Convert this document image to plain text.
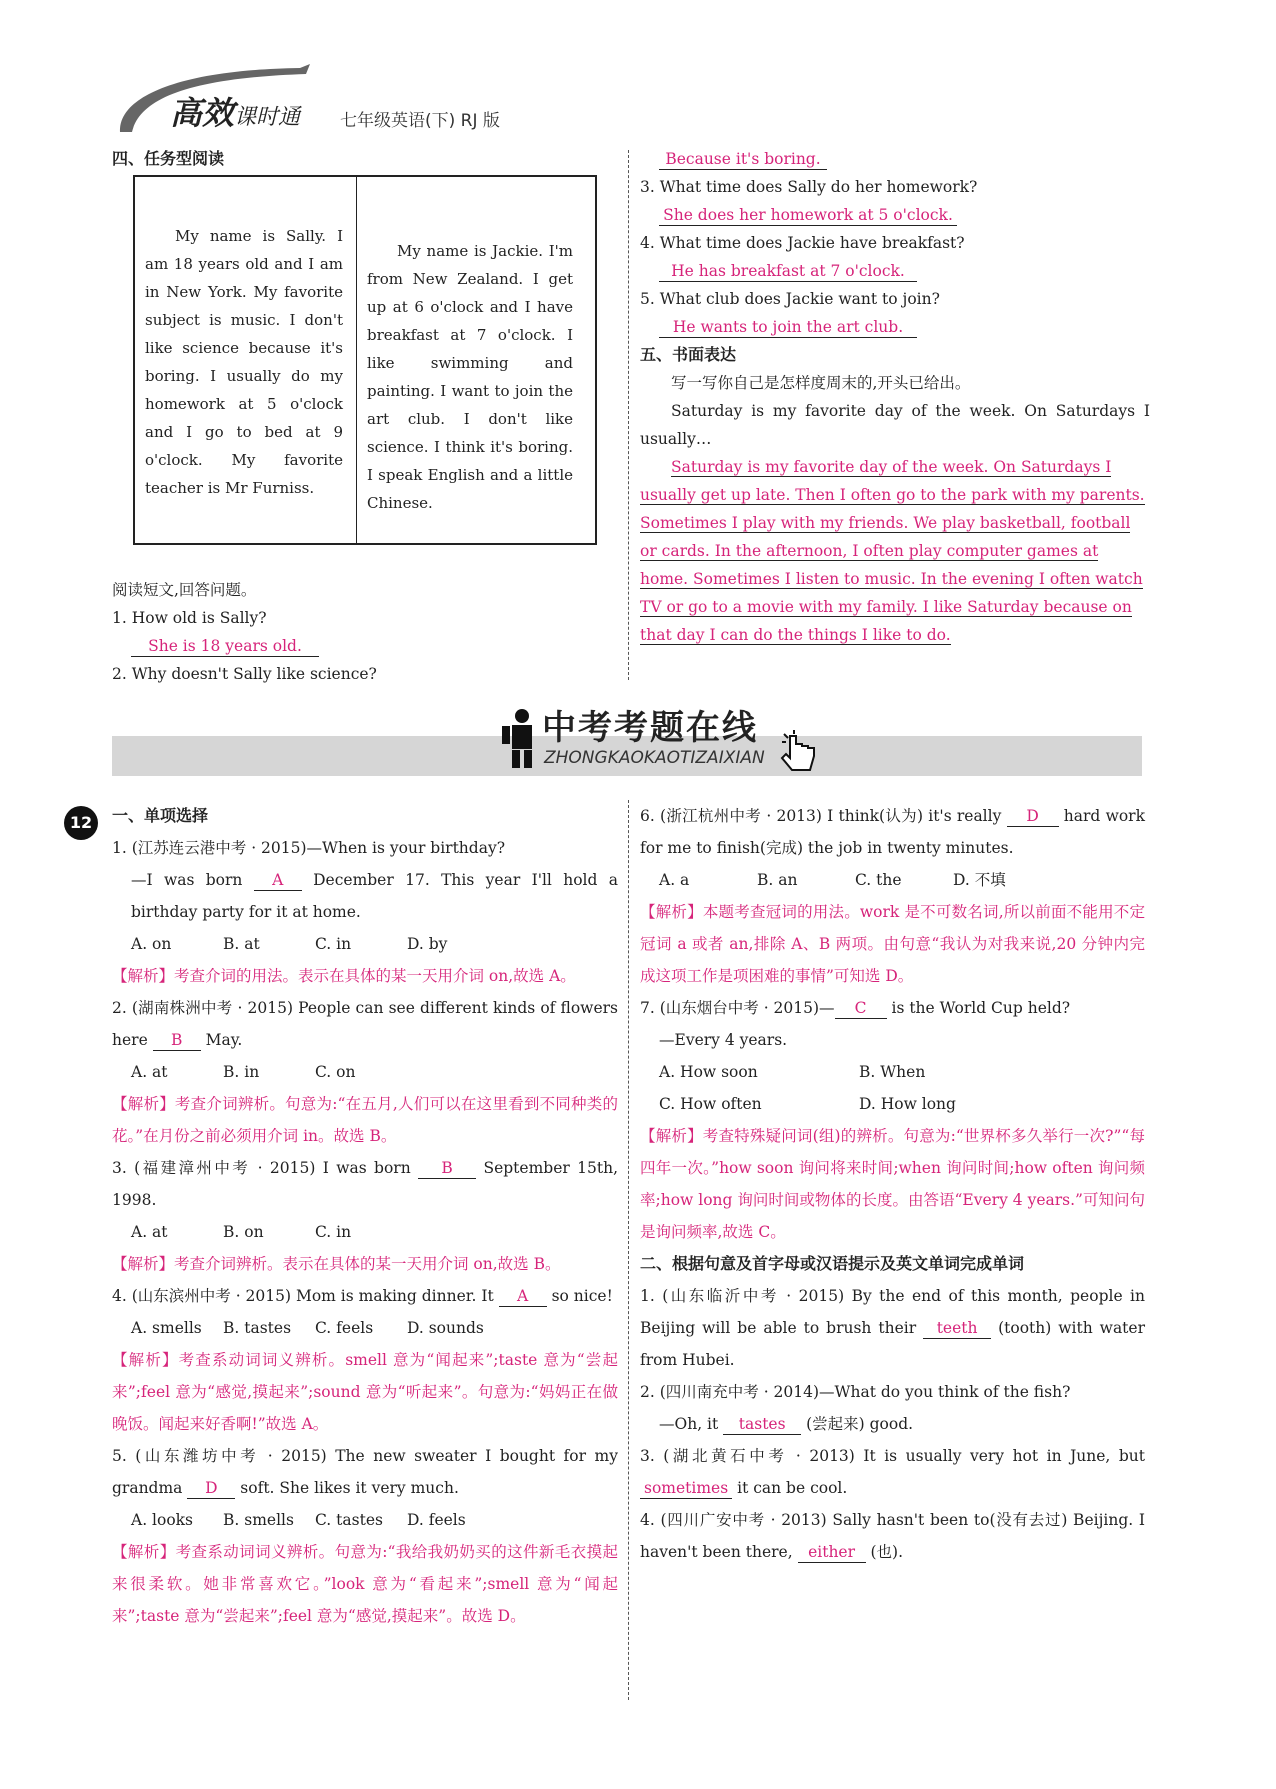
高效课时通 七年级英语(下) RJ 版
四、任务型阅读
My name is Sally. I am 18 years old and I am in New York. My favorite subject is music. I don't like science because it's boring. I usually do my homework at 5 o'clock and I go to bed at 9 o'clock. My favorite teacher is Mr Furniss.
My name is Jackie. I'm from New Zealand. I get up at 6 o'clock and I have breakfast at 7 o'clock. I like swimming and painting. I want to join the art club. I don't like science. I think it's boring. I speak English and a little Chinese.
阅读短文,回答问题。
1. How old is Sally?
She is 18 years old.
2. Why doesn't Sally like science?
Because it's boring.
3. What time does Sally do her homework?
She does her homework at 5 o'clock.
4. What time does Jackie have breakfast?
He has breakfast at 7 o'clock.
5. What club does Jackie want to join?
He wants to join the art club.
五、书面表达
写一写你自己是怎样度周末的,开头已给出。
Saturday is my favorite day of the week. On Saturdays I usually…
Saturday is my favorite day of the week. On Saturdays I usually get up late. Then I often go to the park with my parents. Sometimes I play with my friends. We play basketball, football or cards. In the afternoon, I often play computer games at home. Sometimes I listen to music. In the evening I often watch TV or go to a movie with my family. I like Saturday because on that day I can do the things I like to do.
中考考题在线
ZHONGKAOKAOTIZAIXIAN
12	一、单项选择
1. (江苏连云港中考 · 2015)—When is your birthday?
—I was born A December 17. This year I'll hold a birthday party for it at home.
A. on	B. at	C. in	D. by
【解析】考查介词的用法。表示在具体的某一天用介词 on,故选 A。
2. (湖南株洲中考 · 2015) People can see different kinds of flowers here B May.
A. at	B. in	C. on
【解析】考查介词辨析。句意为:“在五月,人们可以在这里看到不同种类的花。”在月份之前必须用介词 in。故选 B。
3. (福建漳州中考 · 2015) I was born B September 15th, 1998.
A. at	B. on	C. in
【解析】考查介词辨析。表示在具体的某一天用介词 on,故选 B。
4. (山东滨州中考 · 2015) Mom is making dinner. It A so nice!
A. smells B. tastes C. feels D. sounds
【解析】考查系动词词义辨析。smell 意为“闻起来”;taste 意为“尝起来”;feel 意为“感觉,摸起来”;sound 意为“听起来”。句意为:“妈妈正在做晚饭。闻起来好香啊!”故选 A。
5. (山东潍坊中考 · 2015) The new sweater I bought for my grandma D soft. She likes it very much.
A. looks B. smells C. tastes D. feels
【解析】考查系动词词义辨析。句意为:“我给我奶奶买的这件新毛衣摸起来很柔软。她非常喜欢它。”look 意为“看起来”;smell 意为“闻起来”;taste 意为“尝起来”;feel 意为“感觉,摸起来”。故选 D。
6. (浙江杭州中考 · 2013) I think(认为) it's really D hard work for me to finish(完成) the job in twenty minutes.
A. a	B. an	C. the	D. 不填
【解析】本题考查冠词的用法。work 是不可数名词,所以前面不能用不定冠词 a 或者 an,排除 A、B 两项。由句意“我认为对我来说,20 分钟内完成这项工作是项困难的事情”可知选 D。
7. (山东烟台中考 · 2015)— C is the World Cup held?
—Every 4 years.
A. How soon	B. When
C. How often	D. How long
【解析】考查特殊疑问词(组)的辨析。句意为:“世界杯多久举行一次?”“每四年一次。”how soon 询问将来时间;when 询问时间;how often 询问频率;how long 询问时间或物体的长度。由答语“Every 4 years.”可知问句是询问频率,故选 C。
二、根据句意及首字母或汉语提示及英文单词完成单词
1. (山东临沂中考 · 2015) By the end of this month, people in Beijing will be able to brush their teeth (tooth) with water from Hubei.
2. (四川南充中考 · 2014)—What do you think of the fish?
—Oh, it tastes (尝起来) good.
3. (湖北黄石中考 · 2013) It is usually very hot in June, but sometimes it can be cool.
4. (四川广安中考 · 2013) Sally hasn't been to(没有去过) Beijing. I haven't been there, either (也).
